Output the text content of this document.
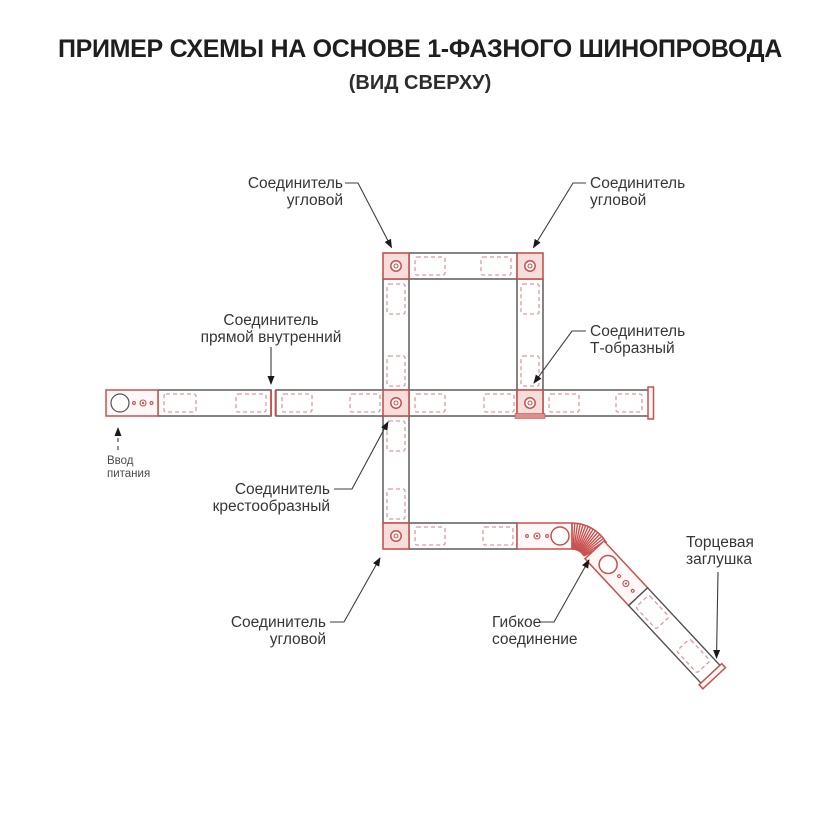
ПРИМЕР СХЕМЫ НА ОСНОВЕ 1-ФАЗНОГО ШИНОПРОВОДА
(ВИД СВЕРХУ)
Соединитель
угловой
Соединитель
угловой
Соединитель
прямой внутренний	Соединитель
Т-образный
Соединитель
крестообразный
Соединитель
угловой
Гибкое
соединение
Торцевая
заглушка
Ввод
питания
